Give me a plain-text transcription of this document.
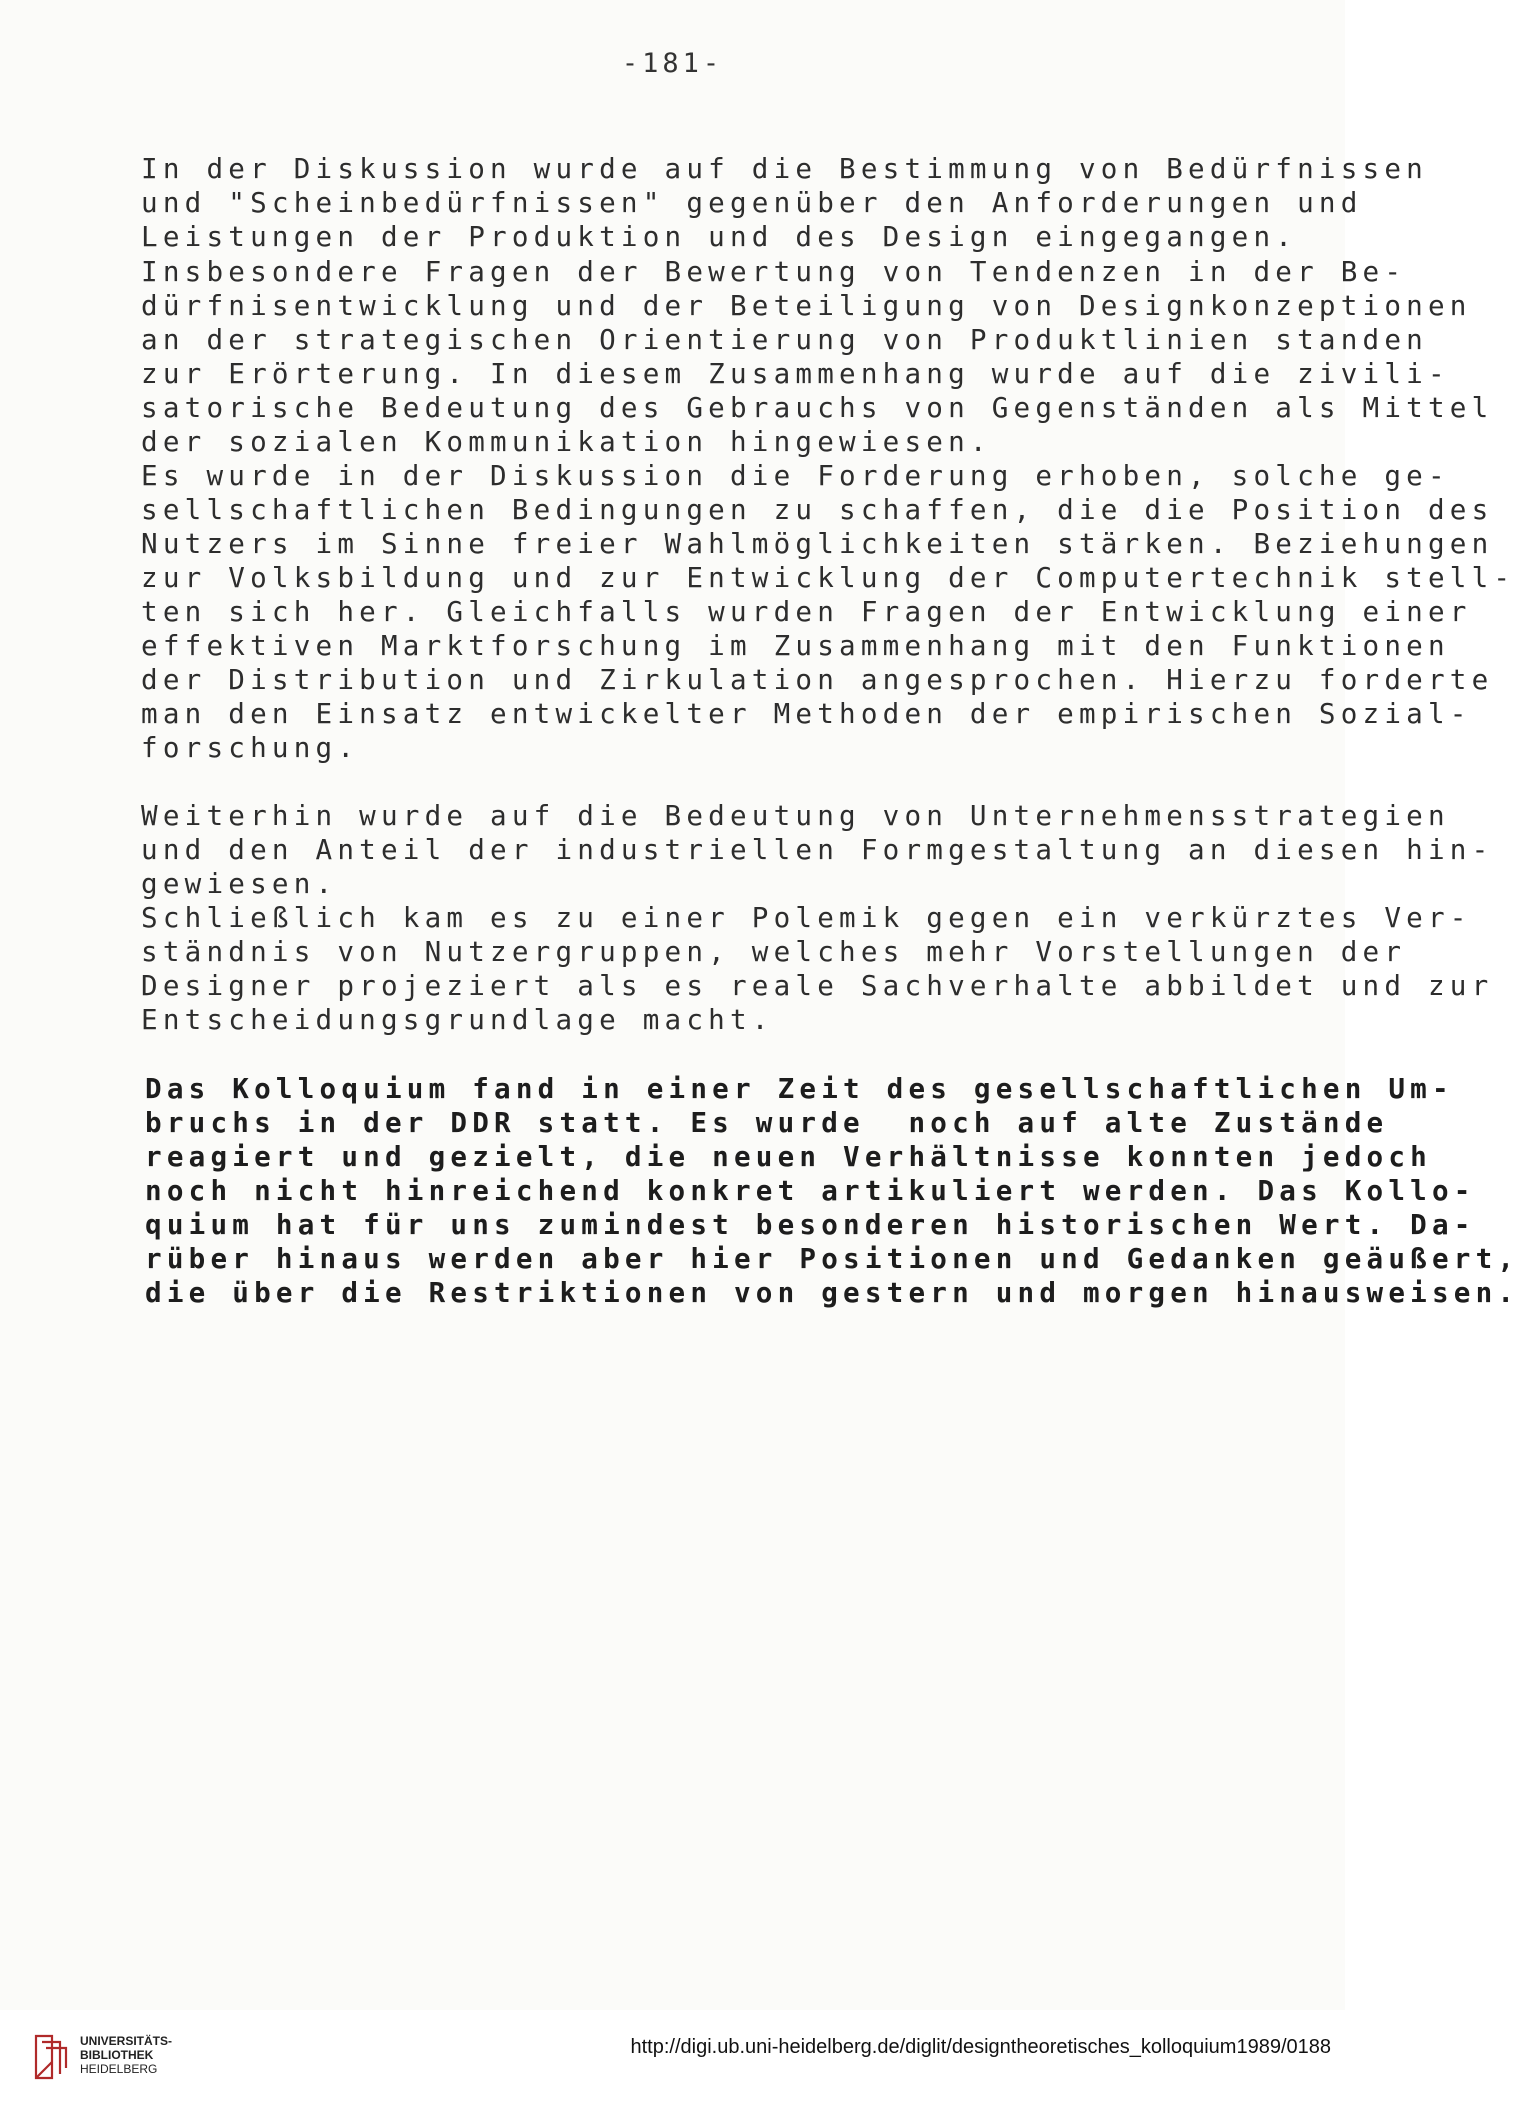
-181-
In der Diskussion wurde auf die Bestimmung von Bedürfnissen
und "Scheinbedürfnissen" gegenüber den Anforderungen und
Leistungen der Produktion und des Design eingegangen.
Insbesondere Fragen der Bewertung von Tendenzen in der Be-
dürfnisentwicklung und der Beteiligung von Designkonzeptionen
an der strategischen Orientierung von Produktlinien standen
zur Erörterung. In diesem Zusammenhang wurde auf die zivili-
satorische Bedeutung des Gebrauchs von Gegenständen als Mittel
der sozialen Kommunikation hingewiesen.
Es wurde in der Diskussion die Forderung erhoben, solche ge-
sellschaftlichen Bedingungen zu schaffen, die die Position des
Nutzers im Sinne freier Wahlmöglichkeiten stärken. Beziehungen
zur Volksbildung und zur Entwicklung der Computertechnik stell-
ten sich her. Gleichfalls wurden Fragen der Entwicklung einer
effektiven Marktforschung im Zusammenhang mit den Funktionen
der Distribution und Zirkulation angesprochen. Hierzu forderte
man den Einsatz entwickelter Methoden der empirischen Sozial-
forschung.
Weiterhin wurde auf die Bedeutung von Unternehmensstrategien
und den Anteil der industriellen Formgestaltung an diesen hin-
gewiesen.
Schließlich kam es zu einer Polemik gegen ein verkürztes Ver-
ständnis von Nutzergruppen, welches mehr Vorstellungen der
Designer projeziert als es reale Sachverhalte abbildet und zur
Entscheidungsgrundlage macht.
Das Kolloquium fand in einer Zeit des gesellschaftlichen Um-
bruchs in der DDR statt. Es wurde  noch auf alte Zustände
reagiert und gezielt, die neuen Verhältnisse konnten jedoch
noch nicht hinreichend konkret artikuliert werden. Das Kollo-
quium hat für uns zumindest besonderen historischen Wert. Da-
rüber hinaus werden aber hier Positionen und Gedanken geäußert,
die über die Restriktionen von gestern und morgen hinausweisen.
UNIVERSITÄTS-
BIBLIOTHEK
HEIDELBERG
http://digi.ub.uni-heidelberg.de/diglit/designtheoretisches_kolloquium1989/0188
